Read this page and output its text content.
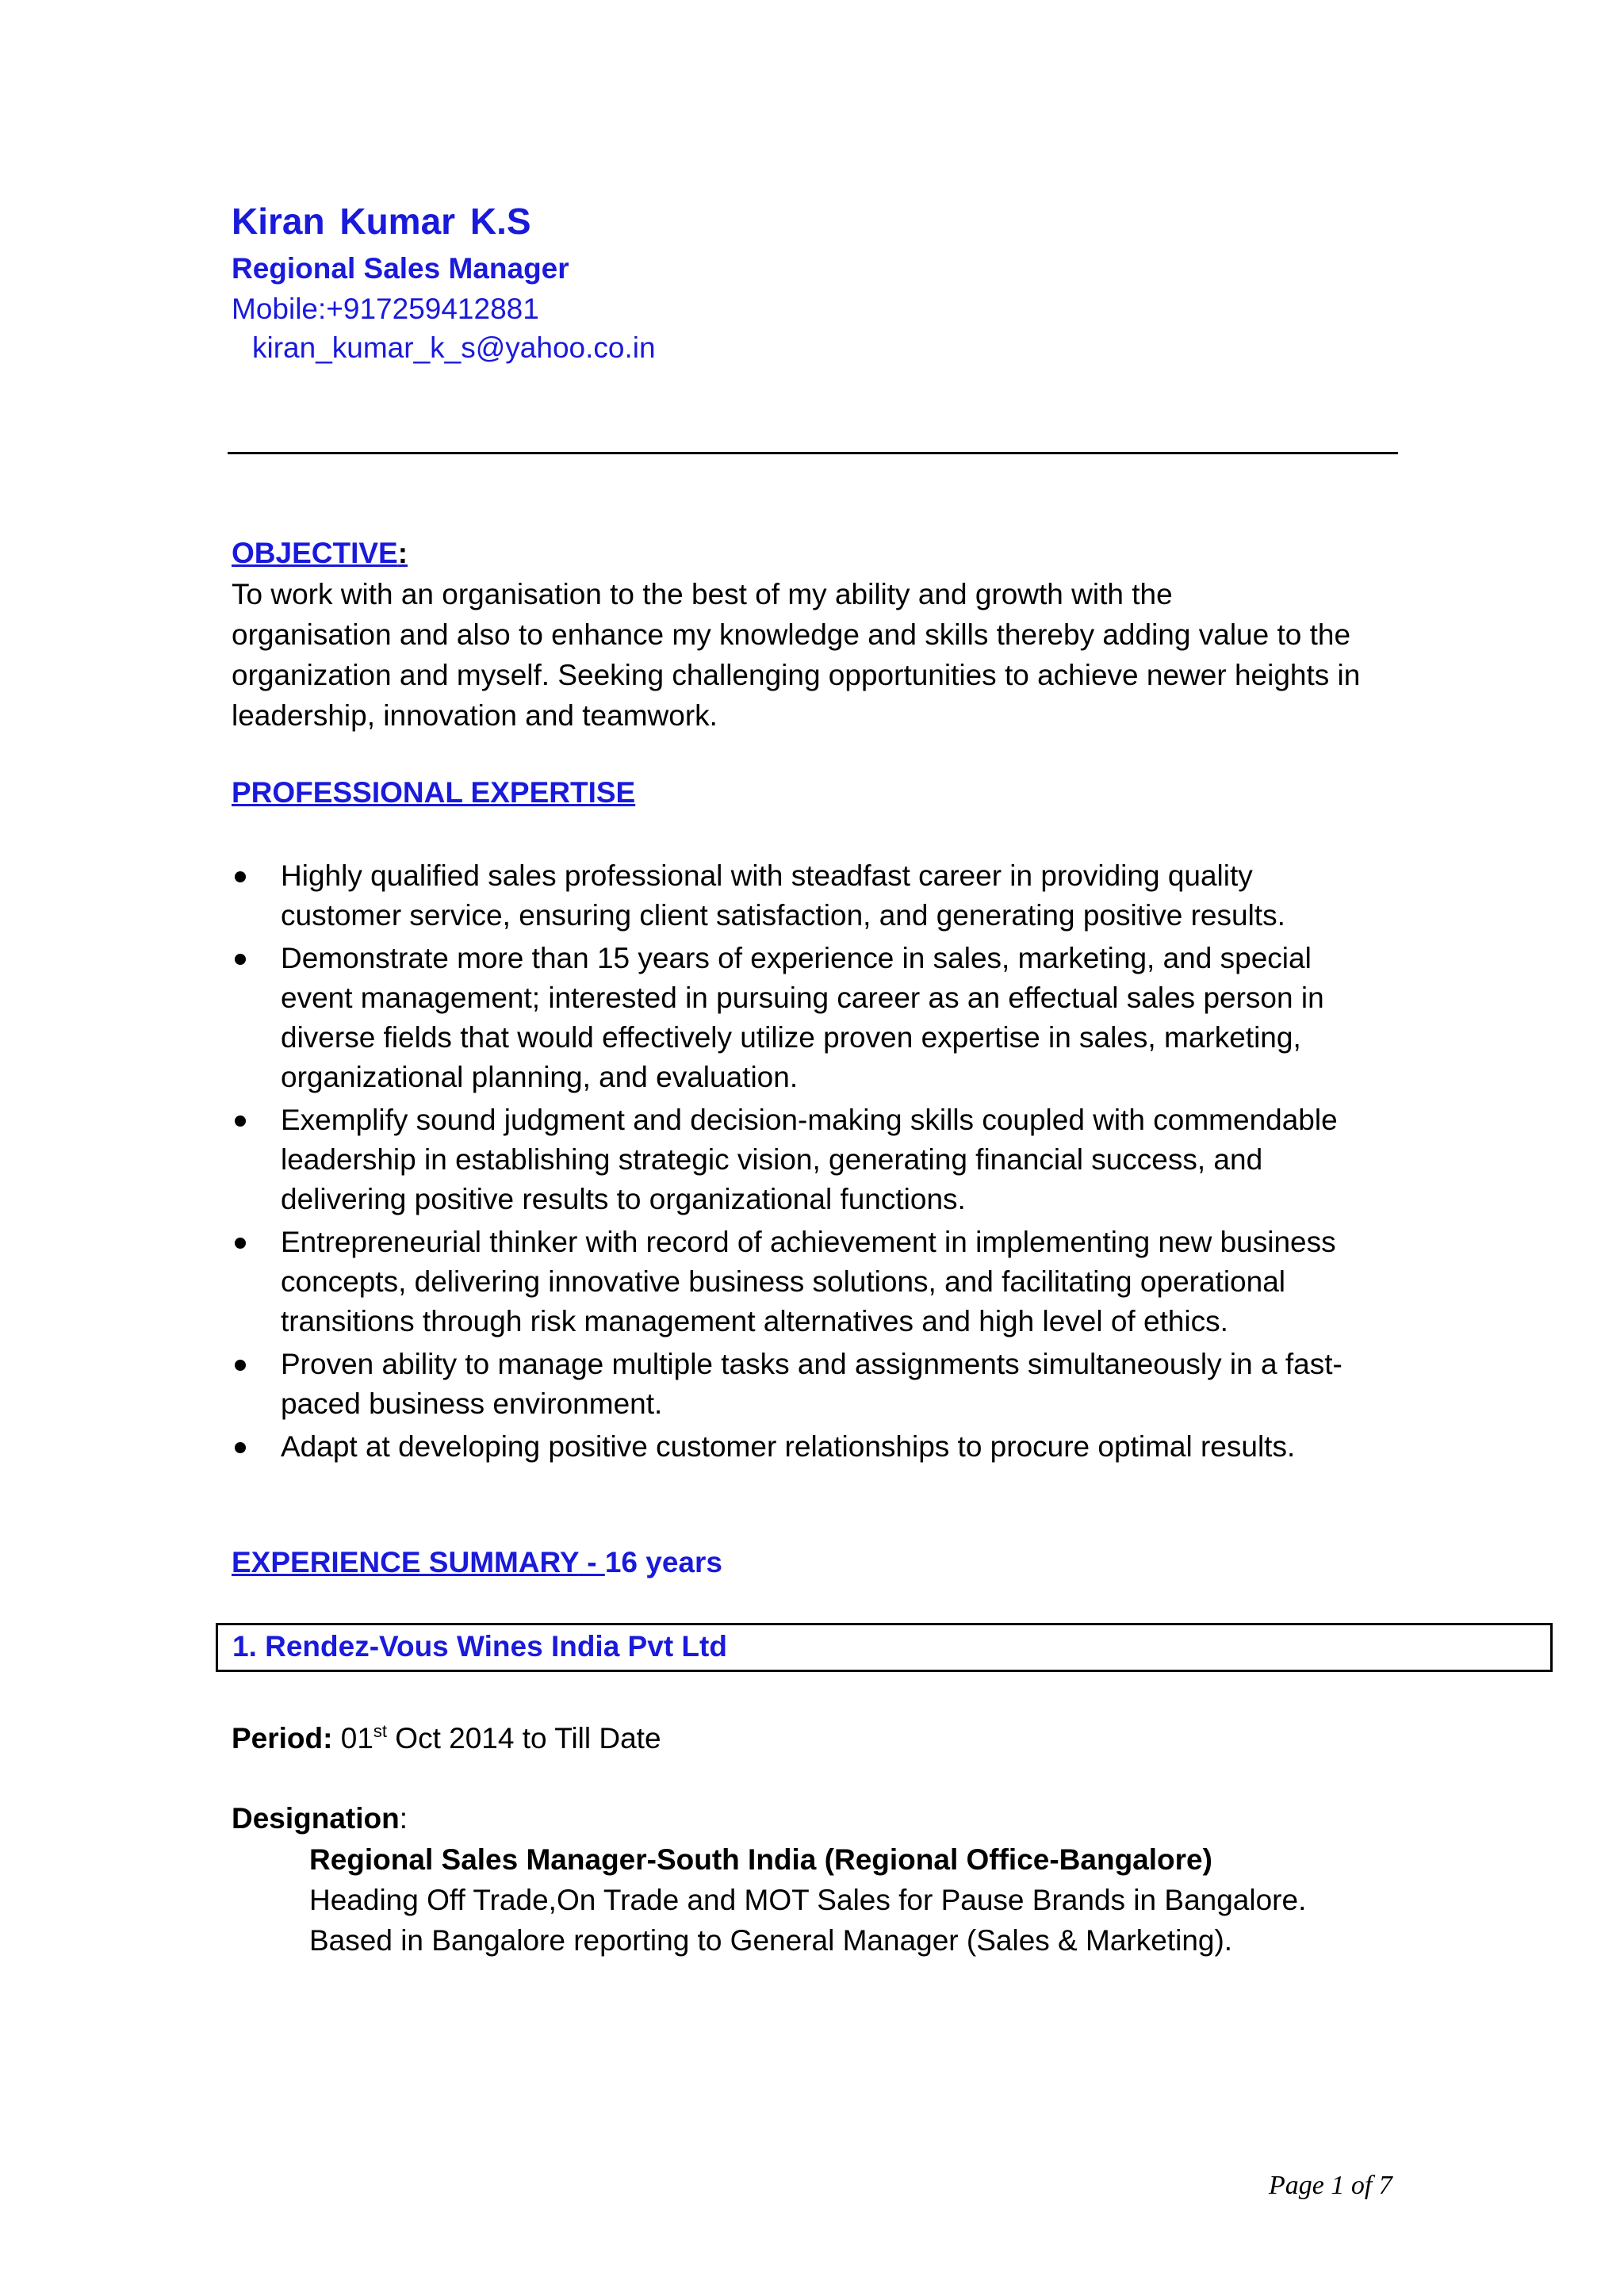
Kiran Kumar K.S
Regional Sales Manager
Mobile:+917259412881
kiran_kumar_k_s@yahoo.co.in
OBJECTIVE:
To work with an organisation to the best of my ability and growth with the
organisation and also to enhance my knowledge and skills thereby adding value to the
organization and myself. Seeking challenging opportunities to achieve newer heights in
leadership, innovation and teamwork.
PROFESSIONAL EXPERTISE
Highly qualified sales professional with steadfast career in providing quality
customer service, ensuring client satisfaction, and generating positive results.
Demonstrate more than 15 years of experience in sales, marketing, and special
event management; interested in pursuing career as an effectual sales person in
diverse fields that would effectively utilize proven expertise in sales, marketing,
organizational planning, and evaluation.
Exemplify sound judgment and decision-making skills coupled with commendable
leadership in establishing strategic vision, generating financial success, and
delivering positive results to organizational functions.
Entrepreneurial thinker with record of achievement in implementing new business
concepts, delivering innovative business solutions, and facilitating operational
transitions through risk management alternatives and high level of ethics.
Proven ability to manage multiple tasks and assignments simultaneously in a fast-
paced business environment.
Adapt at developing positive customer relationships to procure optimal results.
EXPERIENCE SUMMARY - 16 years
1. Rendez-Vous Wines India Pvt Ltd
Period: 01st Oct 2014 to Till Date
Designation:
Regional Sales Manager-South India (Regional Office-Bangalore)
Heading Off Trade,On Trade and MOT Sales for Pause Brands in Bangalore.
Based in Bangalore reporting to General Manager (Sales & Marketing).
Page 1 of 7
